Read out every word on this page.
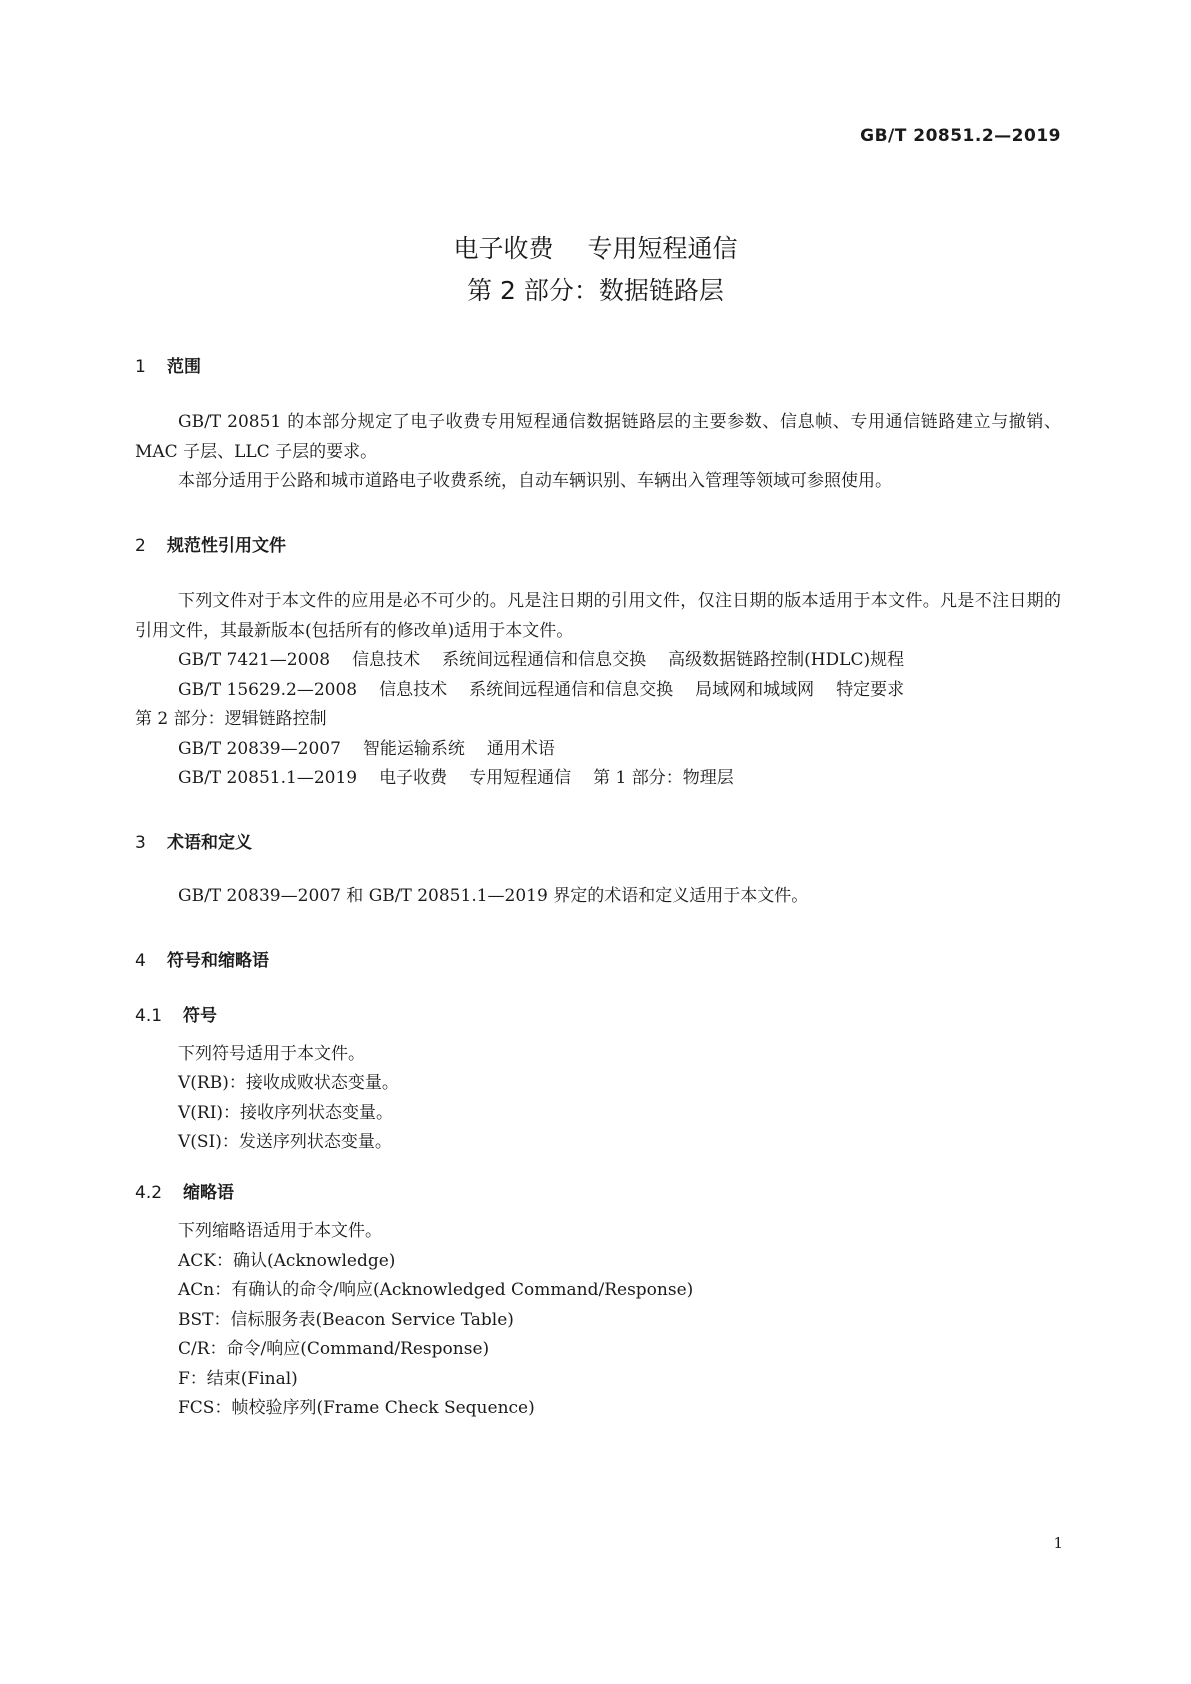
GB/T 20851.2—2019

电子收费 专用短程通信
第 2 部分：数据链路层

1 范围

GB/T 20851 的本部分规定了电子收费专用短程通信数据链路层的主要参数、信息帧、专用通信链路建立与撤销、MAC 子层、LLC 子层的要求。

本部分适用于公路和城市道路电子收费系统，自动车辆识别、车辆出入管理等领域可参照使用。

2 规范性引用文件

下列文件对于本文件的应用是必不可少的。凡是注日期的引用文件，仅注日期的版本适用于本文件。凡是不注日期的引用文件，其最新版本(包括所有的修改单)适用于本文件。

GB/T 7421—2008 信息技术 系统间远程通信和信息交换 高级数据链路控制(HDLC)规程

GB/T 15629.2—2008 信息技术 系统间远程通信和信息交换 局域网和城域网 特定要求

第 2 部分：逻辑链路控制

GB/T 20839—2007 智能运输系统 通用术语

GB/T 20851.1—2019 电子收费 专用短程通信 第 1 部分：物理层

3 术语和定义

GB/T 20839—2007 和 GB/T 20851.1—2019 界定的术语和定义适用于本文件。

4 符号和缩略语

4.1 符号

下列符号适用于本文件。

V(RB)：接收成败状态变量。

V(RI)：接收序列状态变量。

V(SI)：发送序列状态变量。

4.2 缩略语

下列缩略语适用于本文件。

ACK：确认(Acknowledge)

ACn：有确认的命令/响应(Acknowledged Command/Response)

BST：信标服务表(Beacon Service Table)

C/R：命令/响应(Command/Response)

F：结束(Final)

FCS：帧校验序列(Frame Check Sequence)

1
